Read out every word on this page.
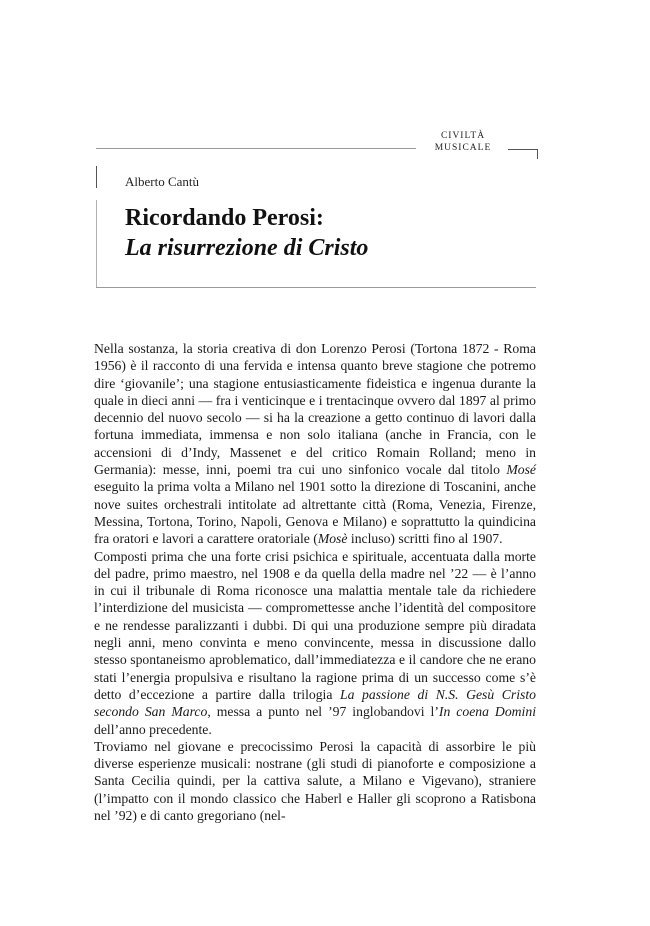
CIVILTÀ
MUSICALE
Alberto Cantù
Ricordando Perosi:
La risurrezione di Cristo

Nella sostanza, la storia creativa di don Lorenzo Perosi (Tortona 1872 - Roma 1956) è il racconto di una fervida e intensa quanto breve stagione che potremo dire ‘giovanile’; una stagione entusiasticamente fideistica e ingenua durante la quale in dieci anni — fra i venticinque e i trentacinque ovvero dal 1897 al primo decennio del nuovo secolo — si ha la creazione a getto continuo di lavori dalla fortuna immediata, immensa e non solo italiana (anche in Francia, con le accensioni di d’Indy, Massenet e del critico Romain Rolland; meno in Germania): messe, inni, poemi tra cui uno sinfonico vocale dal titolo Mosé eseguito la prima volta a Milano nel 1901 sotto la direzione di Toscanini, anche nove suites orchestrali intitolate ad altrettante città (Roma, Venezia, Firenze, Messina, Tortona, Torino, Napoli, Genova e Milano) e soprattutto la quindicina fra oratori e lavori a carattere oratoriale (Mosè incluso) scritti fino al 1907.

Composti prima che una forte crisi psichica e spirituale, accentuata dalla morte del padre, primo maestro, nel 1908 e da quella della madre nel ’22 — è l’anno in cui il tribunale di Roma riconosce una malattia mentale tale da richiedere l’interdizione del musicista — compromettesse anche l’identità del compositore e ne rendesse paralizzanti i dubbi. Di qui una produzione sempre più diradata negli anni, meno convinta e meno convincente, messa in discussione dallo stesso spontaneismo aproblematico, dall’immediatezza e il candore che ne erano stati l’energia propulsiva e risultano la ragione prima di un successo come s’è detto d’eccezione a partire dalla trilogia La passione di N.S. Gesù Cristo secondo San Marco, messa a punto nel ’97 inglobandovi l’In coena Domini dell’anno precedente.

Troviamo nel giovane e precocissimo Perosi la capacità di assorbire le più diverse esperienze musicali: nostrane (gli studi di pianoforte e composizione a Santa Cecilia quindi, per la cattiva salute, a Milano e Vigevano), straniere (l’impatto con il mondo classico che Haberl e Haller gli scoprono a Ratisbona nel ’92) e di canto gregoriano (nel-
